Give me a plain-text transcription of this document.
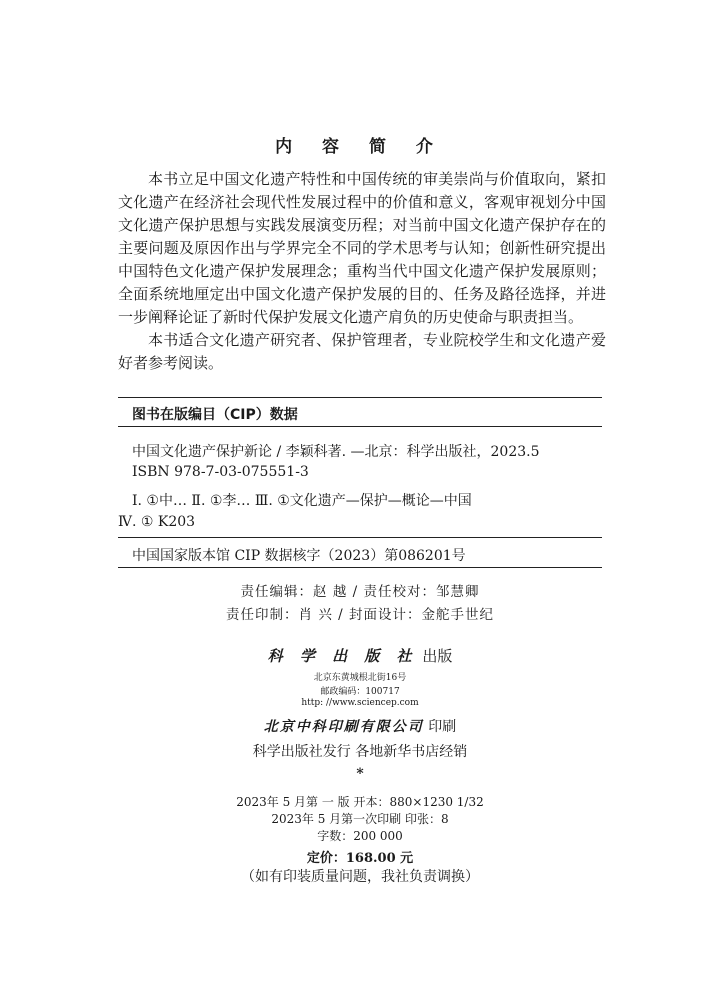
内 容 简 介

本书立足中国文化遗产特性和中国传统的审美崇尚与价值取向，紧扣文化遗产在经济社会现代性发展过程中的价值和意义，客观审视划分中国文化遗产保护思想与实践发展演变历程；对当前中国文化遗产保护存在的主要问题及原因作出与学界完全不同的学术思考与认知；创新性研究提出中国特色文化遗产保护发展理念；重构当代中国文化遗产保护发展原则；全面系统地厘定出中国文化遗产保护发展的目的、任务及路径选择，并进一步阐释论证了新时代保护发展文化遗产肩负的历史使命与职责担当。

本书适合文化遗产研究者、保护管理者，专业院校学生和文化遗产爱好者参考阅读。

图书在版编目（CIP）数据
中国文化遗产保护新论 / 李颖科著. —北京：科学出版社，2023.5
ISBN 978-7-03-075551-3
Ⅰ. ①中… Ⅱ. ①李… Ⅲ. ①文化遗产—保护—概论—中国
Ⅳ. ① K203
中国国家版本馆 CIP 数据核字（2023）第086201号
责任编辑：赵 越 / 责任校对：邹慧卿
责任印制：肖 兴 / 封面设计：金舵手世纪
科 学 出 版 社 出版
北京东黄城根北街16号
邮政编码：100717
http: //www.sciencep.com
北京中科印刷有限公司 印刷
科学出版社发行 各地新华书店经销
*
2023年 5 月第 一 版 开本：880×1230 1/32
2023年 5 月第一次印刷 印张：8
字数：200 000
定价：168.00 元
（如有印装质量问题，我社负责调换）
